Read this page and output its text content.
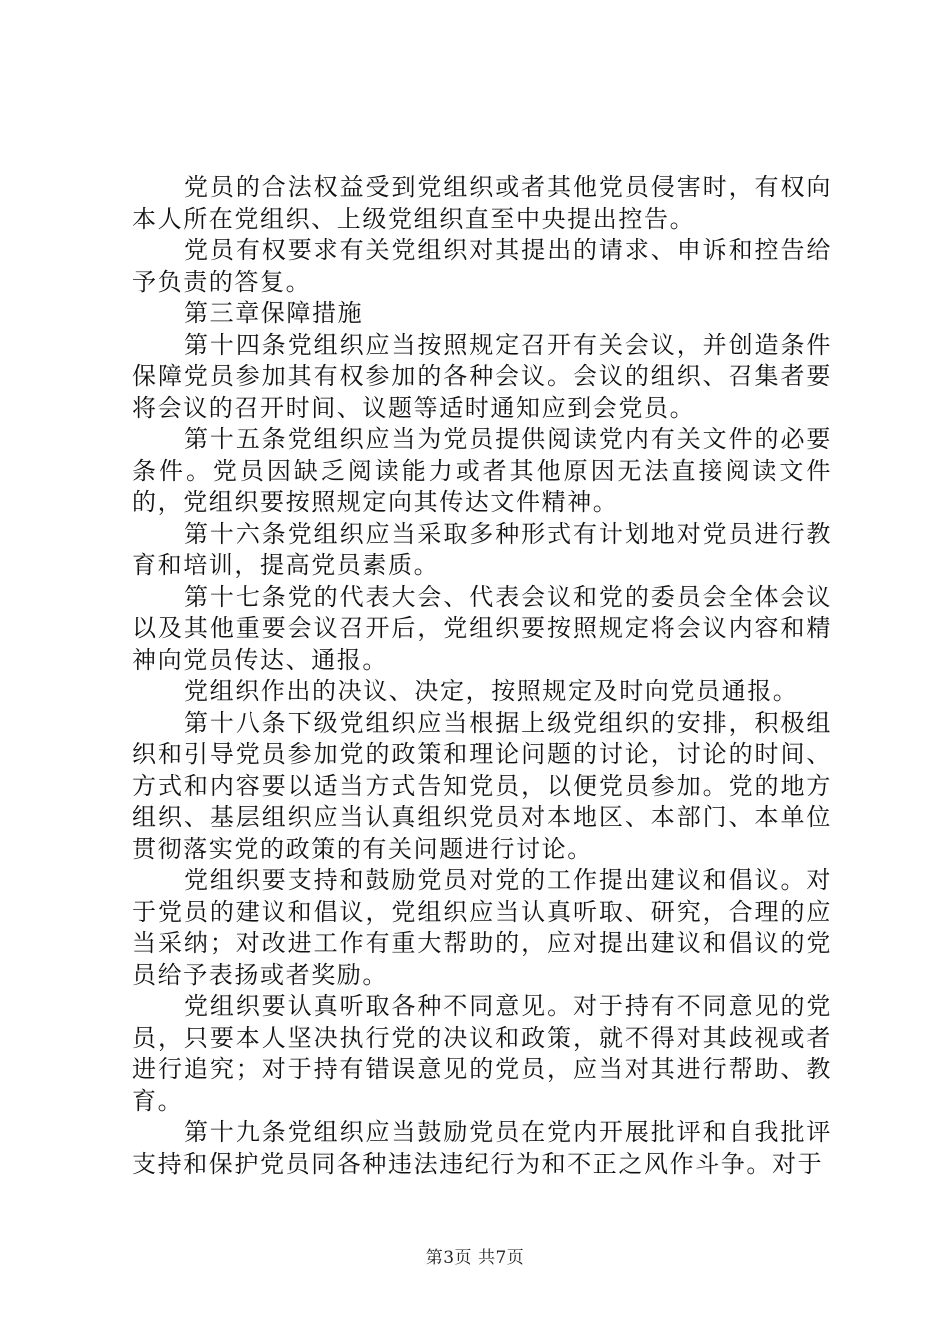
党员的合法权益受到党组织或者其他党员侵害时，有权向本人所在党组织、上级党组织直至中央提出控告。

党员有权要求有关党组织对其提出的请求、申诉和控告给予负责的答复。

第三章保障措施

第十四条党组织应当按照规定召开有关会议，并创造条件保障党员参加其有权参加的各种会议。会议的组织、召集者要将会议的召开时间、议题等适时通知应到会党员。

第十五条党组织应当为党员提供阅读党内有关文件的必要条件。党员因缺乏阅读能力或者其他原因无法直接阅读文件的，党组织要按照规定向其传达文件精神。

第十六条党组织应当采取多种形式有计划地对党员进行教育和培训，提高党员素质。

第十七条党的代表大会、代表会议和党的委员会全体会议以及其他重要会议召开后，党组织要按照规定将会议内容和精神向党员传达、通报。

党组织作出的决议、决定，按照规定及时向党员通报。

第十八条下级党组织应当根据上级党组织的安排，积极组织和引导党员参加党的政策和理论问题的讨论，讨论的时间、方式和内容要以适当方式告知党员，以便党员参加。党的地方组织、基层组织应当认真组织党员对本地区、本部门、本单位贯彻落实党的政策的有关问题进行讨论。

党组织要支持和鼓励党员对党的工作提出建议和倡议。对于党员的建议和倡议，党组织应当认真听取、研究，合理的应当采纳；对改进工作有重大帮助的，应对提出建议和倡议的党员给予表扬或者奖励。

党组织要认真听取各种不同意见。对于持有不同意见的党员，只要本人坚决执行党的决议和政策，就不得对其歧视或者进行追究；对于持有错误意见的党员，应当对其进行帮助、教育。

第十九条党组织应当鼓励党员在党内开展批评和自我批评支持和保护党员同各种违法违纪行为和不正之风作斗争。对于

第3页 共7页
